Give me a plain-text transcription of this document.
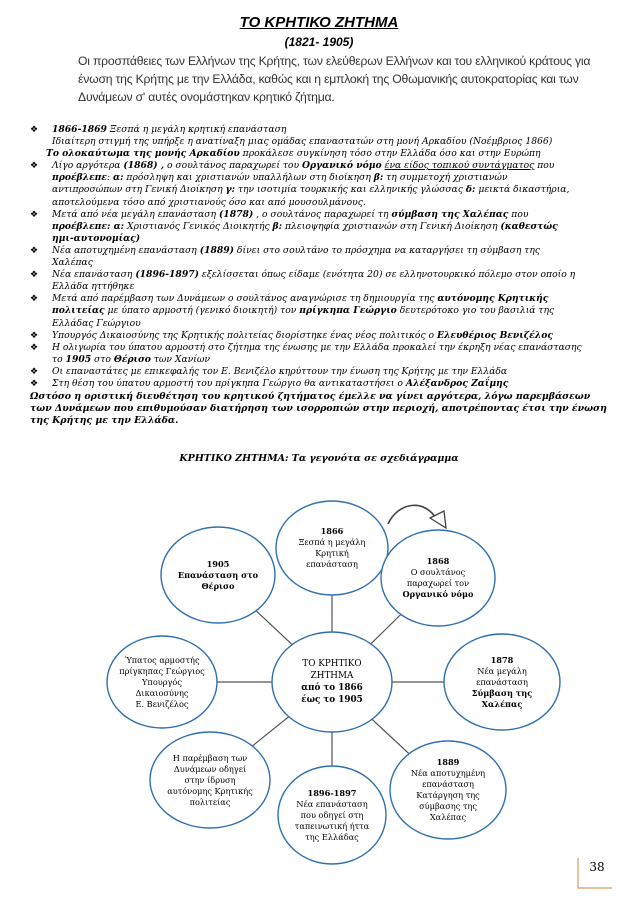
ΤΟ ΚΡΗΤΙΚΟ ΖΗΤΗΜΑ
(1821- 1905)
Οι προσπάθειες των Ελλήνων της Κρήτης, των ελεύθερων Ελλήνων και του ελληνικού κράτους για ένωση της Κρήτης με την Ελλάδα, καθώς και η εμπλοκή της Οθωμανικής αυτοκρατορίας και των Δυνάμεων σ' αυτές ονομάστηκαν κρητικό ζήτημα.
❖	1866-1869 Ξεσπά η μεγάλη κρητική επανάσταση
Ιδιαίτερη στιγμή της υπήρξε η ανατίναξη μιας ομάδας επαναστατών στη μονή Αρκαδίου (Νοέμβριος 1866)
Το ολοκαύτωμα της μονής Αρκαδίου προκάλεσε συγκίνηση τόσο στην Ελλάδα όσο και στην Ευρώπη
❖	Λίγο αργότερα (1868) , ο σουλτάνος παραχωρεί του Οργανικό νόμο ένα είδος τοπικού συντάγματος που
προέβλεπε: α: πρόσληψη και χριστιανών υπαλλήλων στη διοίκηση β: τη συμμετοχή χριστιανών
αντιπροσώπων στη Γενική Διοίκηση γ: την ισοτιμία τουρκικής και ελληνικής γλώσσας δ: μεικτά δικαστήρια,
αποτελούμενα τόσο από χριστιανούς όσο και από μουσουλμάνους.
❖	Μετά από νέα μεγάλη επανάσταση (1878) , ο σουλτάνος παραχωρεί τη σύμβαση της Χαλέπας που
προέβλεπε: α: Χριστιανός Γενικός Διοικητής β: πλειοψηφία χριστιανών στη Γενική Διοίκηση (καθεστώς
ημι-αυτονομίας)
❖	Νέα αποτυχημένη επανάσταση (1889) δίνει στο σουλτάνο το πρόσχημα να καταργήσει τη σύμβαση της
Χαλέπας
❖	Νέα επανάσταση (1896-1897) εξελίσσεται όπως είδαμε (ενότητα 20) σε ελληνοτουρκικό πόλεμο στον οποίο η
Ελλάδα ηττήθηκε
❖	Μετά από παρέμβαση των Δυνάμεων ο σουλτάνος αναγνώρισε τη δημιουργία της αυτόνομης Κρητικής
πολιτείας με ύπατο αρμοστή (γενικό διοικητή) τον πρίγκηπα Γεώργιο δευτερότοκο γιο του βασιλιά της
Ελλάδας Γεώργιου
❖	Υπουργός Δικαιοσύνης της Κρητικής πολιτείας διορίστηκε ένας νέος πολιτικός ο Ελευθέριος Βενιζέλος
❖	Η ολιγωρία του ύπατου αρμοστή στο ζήτημα της ένωσης με την Ελλάδα προκαλεί την έκρηξη νέας επανάστασης
το 1905 στο Θέρισο των Χανίων
❖	Οι επαναστάτες με επικεφαλής τον Ε. Βενιζέλο κηρύττουν την ένωση της Κρήτης με την Ελλάδα
❖	Στη θέση του ύπατου αρμοστή του πρίγκηπα Γεώργιο θα αντικαταστήσει ο Αλέξανδρος Ζαΐμης
Ωστόσο η οριστική διευθέτηση του κρητικού ζητήματος έμελλε να γίνει αργότερα, λόγω παρεμβάσεων των Δυνάμεων που επιθυμούσαν διατήρηση των ισορροπιών στην περιοχή, αποτρέποντας έτσι την ένωση της Κρήτης με την Ελλάδα.
ΚΡΗΤΙΚΟ ΖΗΤΗΜΑ: Τα γεγονότα σε σχεδιάγραμμα
1866
Ξεσπά η μεγάλη
Κρητική
επανάσταση	1868
Ο σουλτάνος
παραχωρεί τον
Οργανικό νόμο
1878
Νέα μεγάλη
επανάσταση
Σύμβαση της
Χαλέπας
1889
Νέα αποτυχημένη
επανάσταση
Κατάργηση της
σύμβασης της
Χαλέπας
1896-1897
Νέα επανάσταση
που οδηγεί στη
ταπεινωτική ήττα
της Ελλάδας
Η παρέμβαση των
Δυνάμεων οδηγεί
στην ίδρυση
αυτόνομης Κρητικής
πολιτείας
Ύπατος αρμοστής
πρίγκηπας Γεώργιος
Υπουργός
Δικαιοσύνης
Ε. Βενιζέλος
1905
Επανάσταση στο
Θέρισο
ΤΟ ΚΡΗΤΙΚΟ
ΖΗΤΗΜΑ
από το 1866
έως το 1905
38
